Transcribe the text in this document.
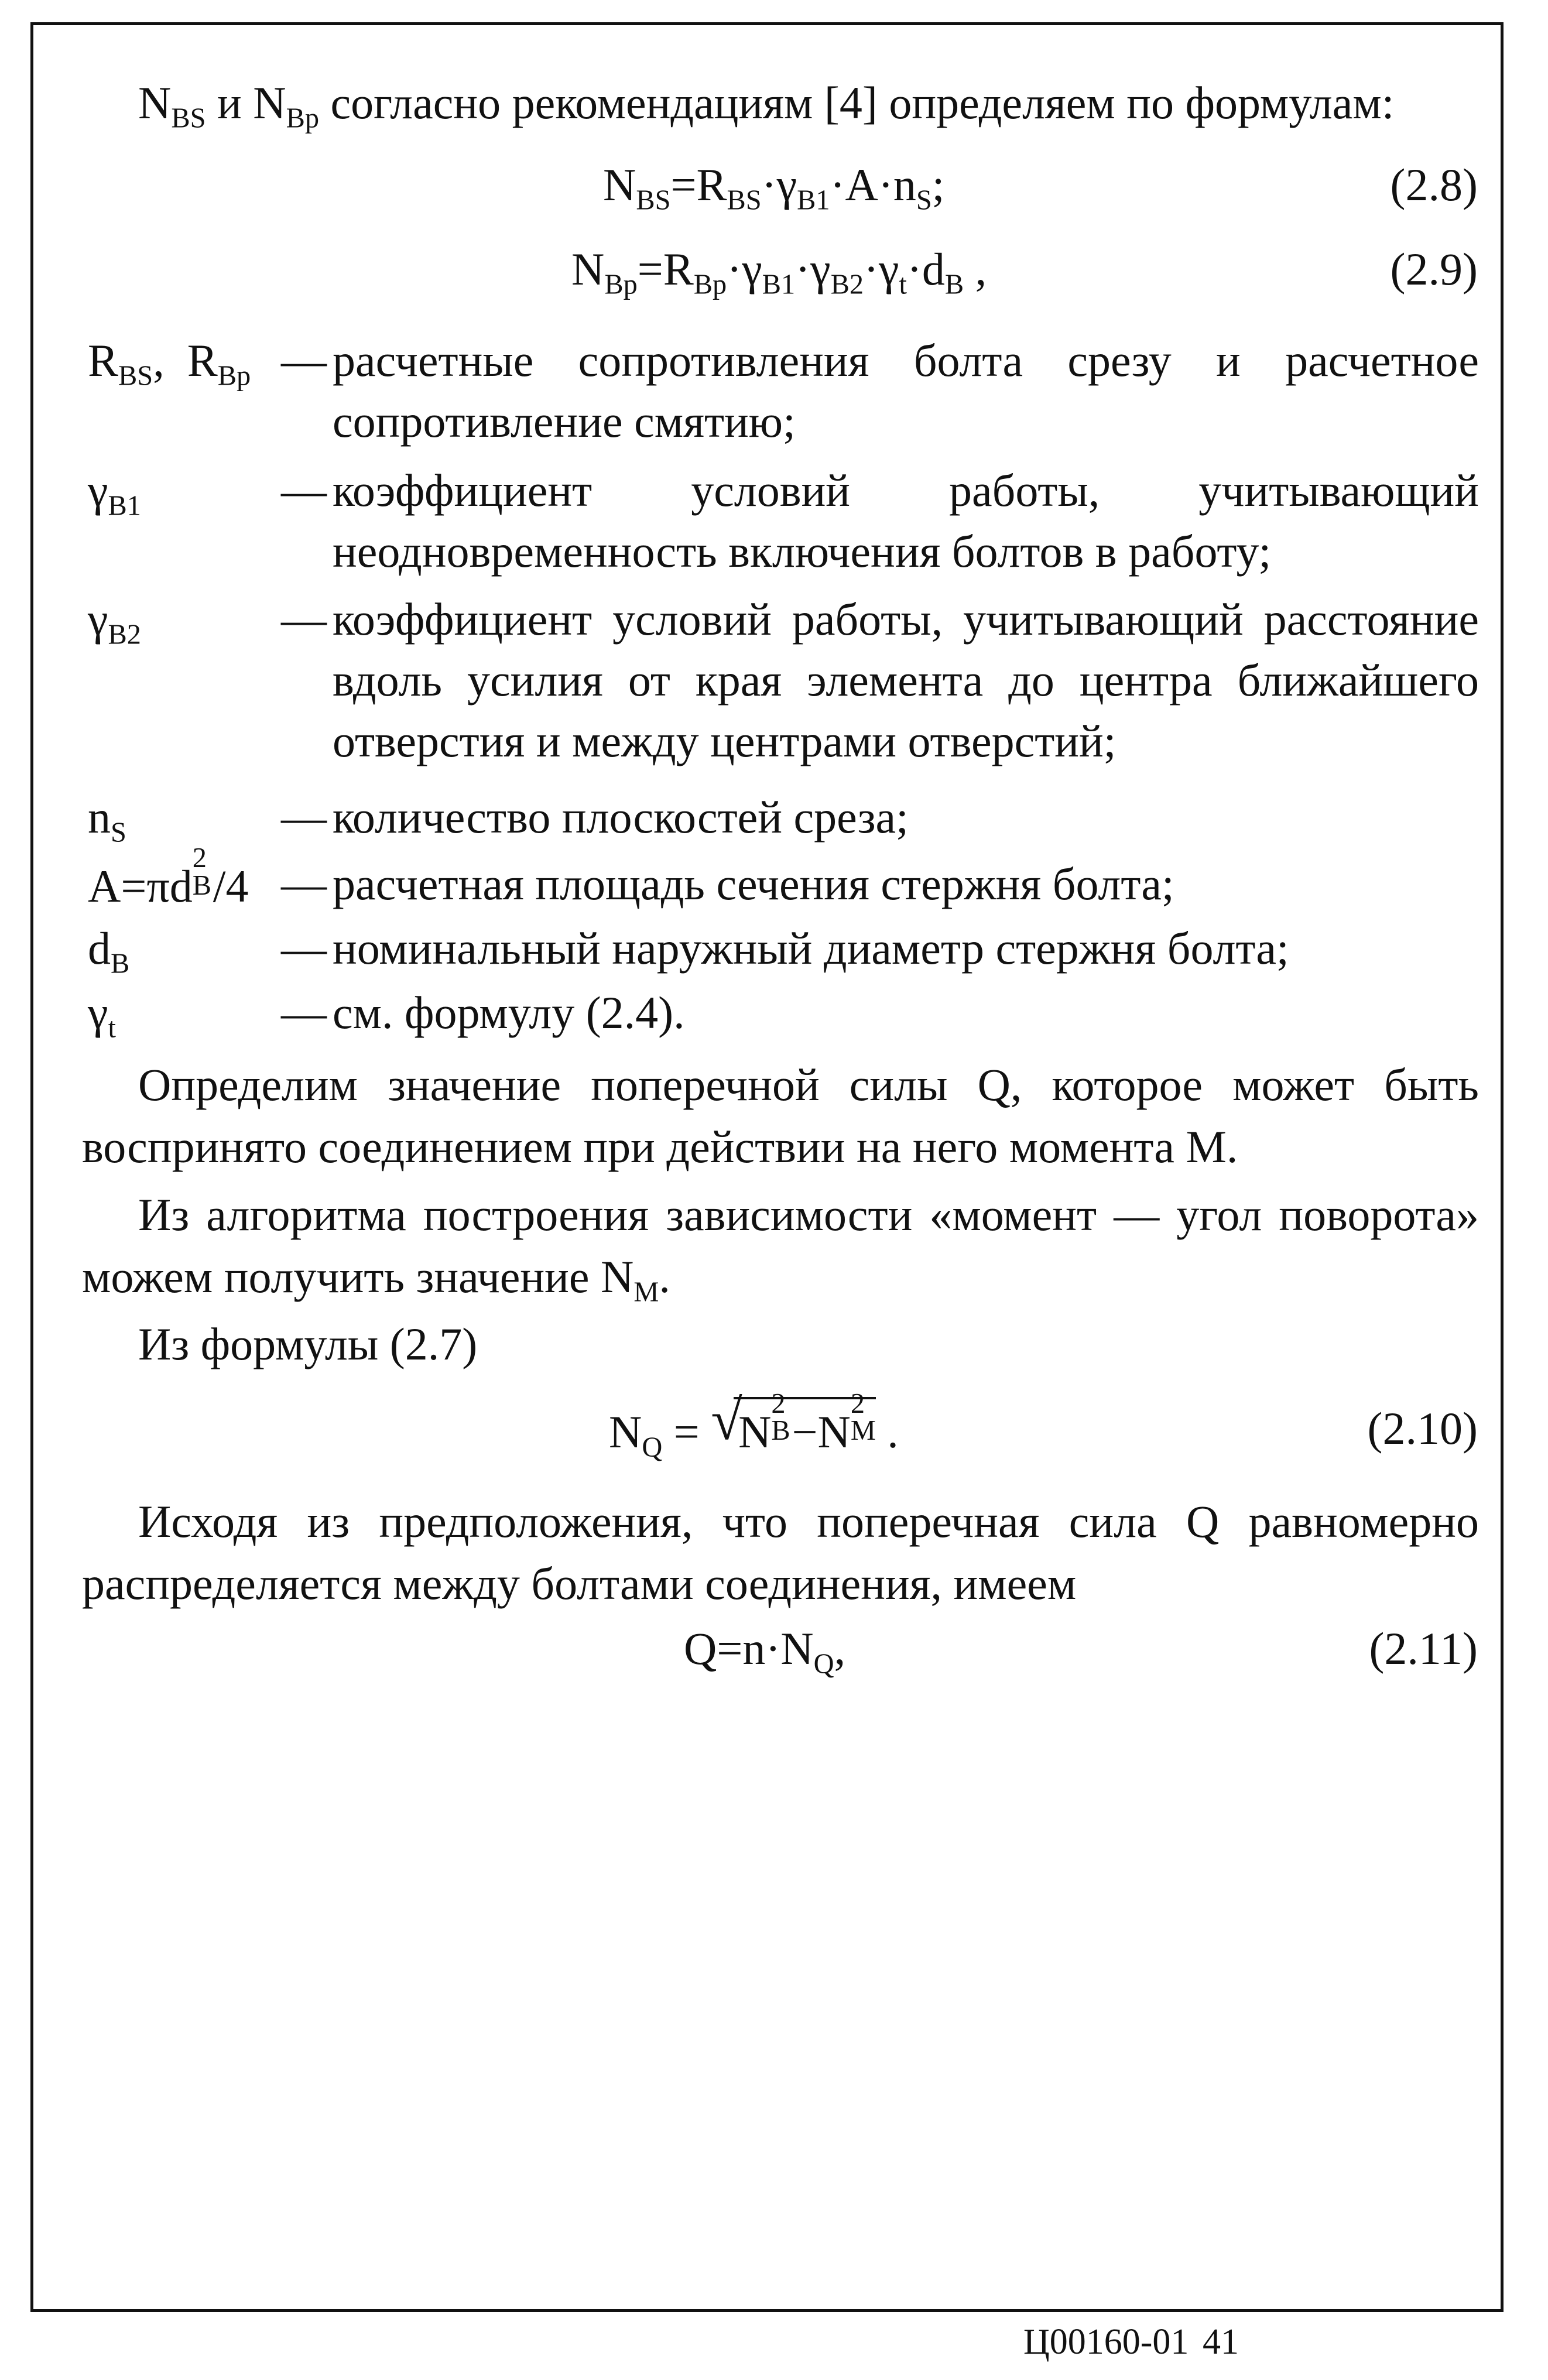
$N_{BS}$ и $N_{Bp}$ согласно рекомендациям [4] определяем по формулам:
$N_{BS}=R_{BS}\cdot\gamma_{B1}\cdot A\cdot n_S$;	(2.8)
$N_{Bp}=R_{Bp}\cdot\gamma_{B1}\cdot\gamma_{B2}\cdot\gamma_t\cdot d_B$ ,	(2.9)
$R_{BS}$,  $R_{Bp}$ — расчетные сопротивления болта срезу и расчетное сопротивление смятию;
$\gamma_{B1}$	— коэффициент условий работы, учитывающий неодновременность включения болтов в работу;
$\gamma_{B2}$	— коэффициент условий работы, учитывающий расстояние вдоль усилия от края элемента до центра ближайшего отверстия и между центрами отверстий;
$n_S$	— количество плоскостей среза;
A=πd
2
B /4 — расчетная площадь сечения стержня болта;
$d_B$	— номинальный наружный диаметр стержня болта;
$\gamma_t$	— см. формулу (2.4).
Определим значение поперечной силы Q, которое может быть воспринято соединением при действии на него момента M.
Из алгоритма построения зависимости «момент — угол поворота» можем получить значение $N_M$.
Из формулы (2.7)
$N_Q$ = √
N
2
B −N
2
M .	(2.10)
Исходя из предположения, что поперечная сила Q равномерно распределяется между болтами соединения, имеем
$Q=n\cdot N_Q$,	(2.11)
Ц00160-01 41
